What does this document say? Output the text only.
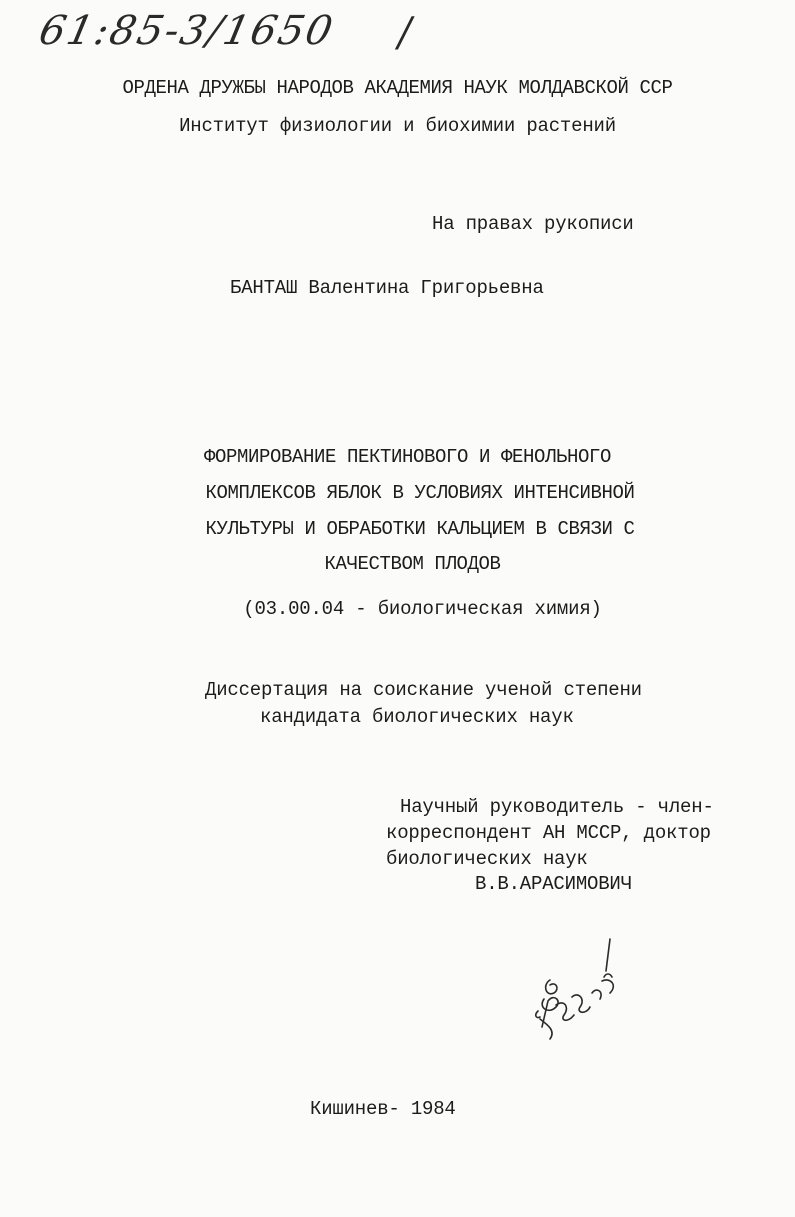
61:85-3/1650 /
ОРДЕНА ДРУЖБЫ НАРОДОВ АКАДЕМИЯ НАУК МОЛДАВСКОЙ ССР
Институт физиологии и биохимии растений
На правах рукописи
БАНТАШ Валентина Григорьевна
ФОРМИРОВАНИЕ ПЕКТИНОВОГО И ФЕНОЛЬНОГО
КОМПЛЕКСОВ ЯБЛОК В УСЛОВИЯХ ИНТЕНСИВНОЙ
КУЛЬТУРЫ И ОБРАБОТКИ КАЛЬЦИЕМ В СВЯЗИ С
КАЧЕСТВОМ ПЛОДОВ
(03.00.04 - биологическая химия)
Диссертация на соискание ученой степени
кандидата биологических наук
Научный руководитель - член-
корреспондент АН МССР, доктор
биологических наук
В.В.АРАСИМОВИЧ
Кишинев- 1984
